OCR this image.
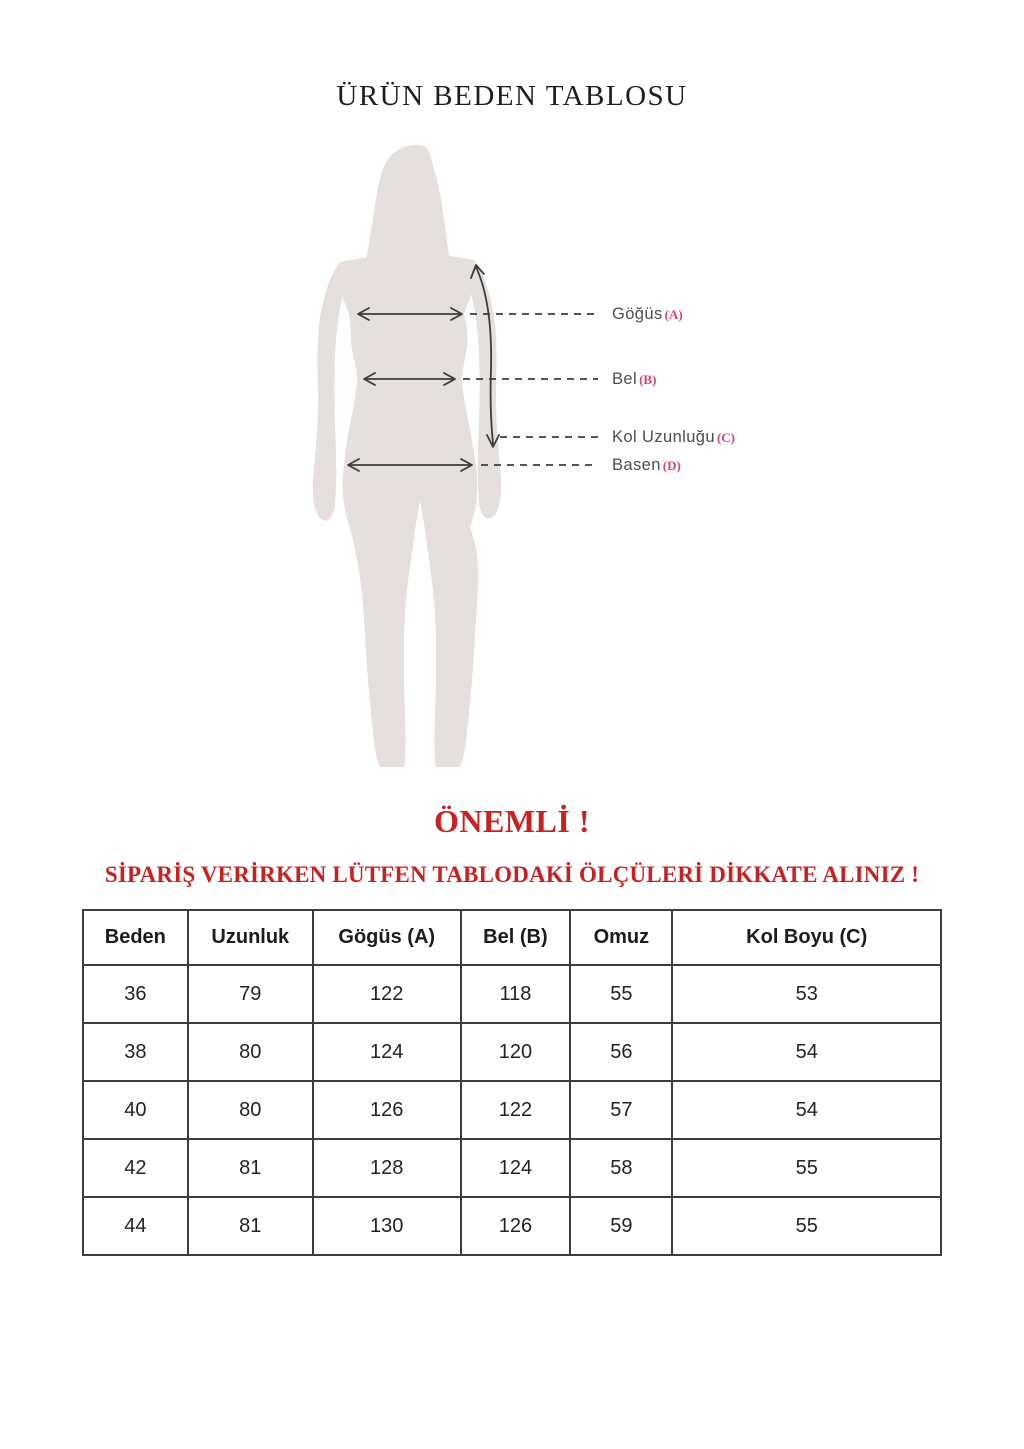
ÜRÜN BEDEN TABLOSU
Göğüs (A)
Bel (B)
Kol Uzunluğu (C)
Basen (D)
ÖNEMLİ !
SİPARİŞ VERİRKEN LÜTFEN TABLODAKİ ÖLÇÜLERİ DİKKATE ALINIZ !
Beden	Uzunluk	Gögüs (A)	Bel (B)	Omuz	Kol Boyu (C)
36	79	122	118	55	53
38	80	124	120	56	54
40	80	126	122	57	54
42	81	128	124	58	55
44	81	130	126	59	55
